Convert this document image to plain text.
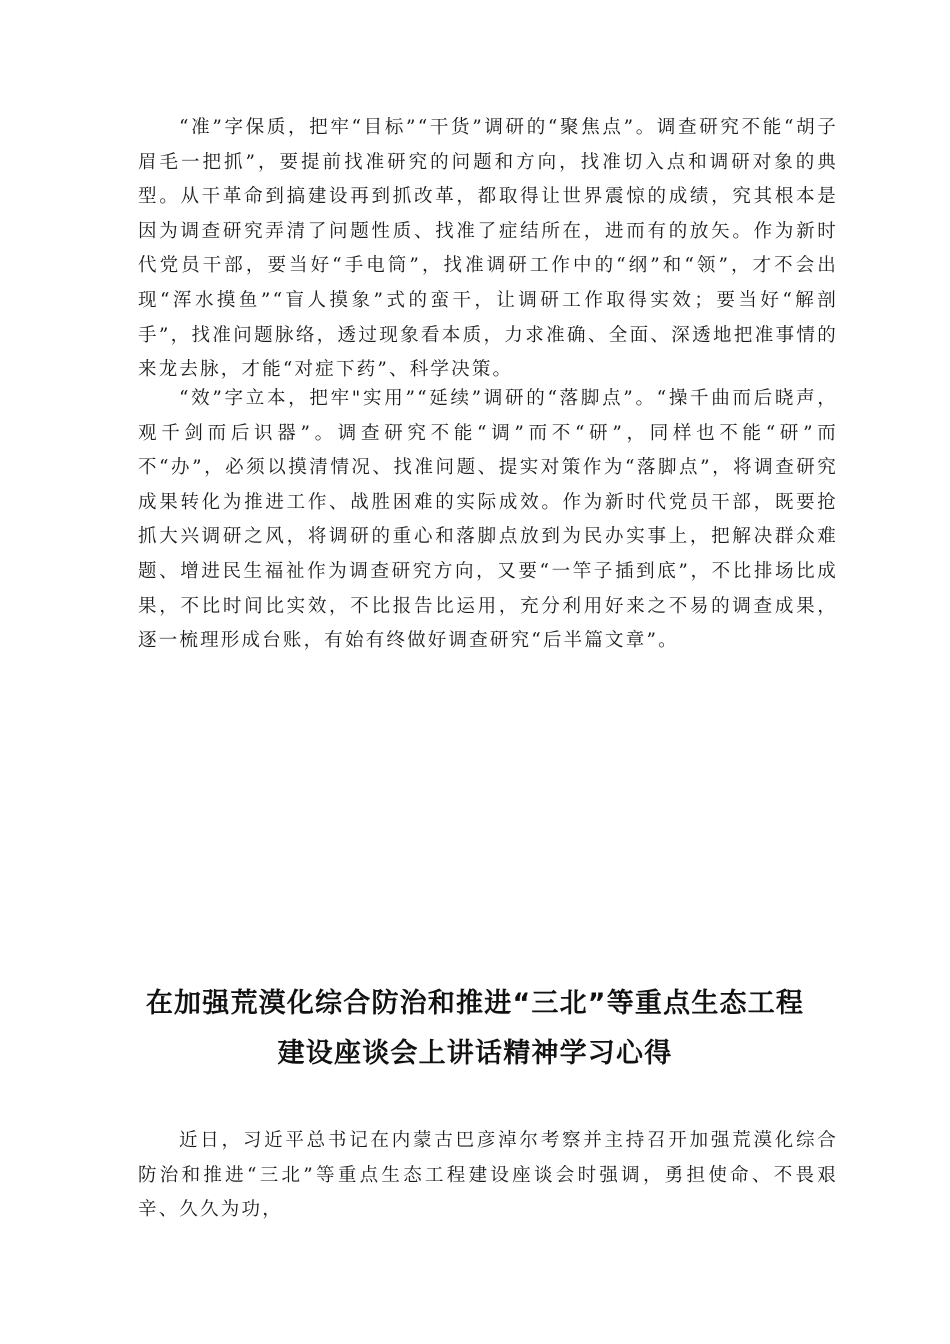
“准”字保质，把牢“目标”“干货”调研的“聚焦点”。调查研究不能“胡子眉毛一把抓”，要提前找准研究的问题和方向，找准切入点和调研对象的典型。从干革命到搞建设再到抓改革，都取得让世界震惊的成绩，究其根本是因为调查研究弄清了问题性质、找准了症结所在，进而有的放矢。作为新时代党员干部，要当好“手电筒”，找准调研工作中的“纲”和“领”，才不会出现“浑水摸鱼”“盲人摸象”式的蛮干，让调研工作取得实效；要当好“解剖手”，找准问题脉络，透过现象看本质，力求准确、全面、深透地把准事情的来龙去脉，才能“对症下药”、科学决策。

“效”字立本，把牢"实用”“延续”调研的“落脚点”。“操千曲而后晓声，观千剑而后识器”。调查研究不能“调”而不“研”，同样也不能“研”而不“办”，必须以摸清情况、找准问题、提实对策作为“落脚点”，将调查研究成果转化为推进工作、战胜困难的实际成效。作为新时代党员干部，既要抢抓大兴调研之风，将调研的重心和落脚点放到为民办实事上，把解决群众难题、增进民生福祉作为调查研究方向，又要“一竿子插到底”，不比排场比成果，不比时间比实效，不比报告比运用，充分利用好来之不易的调查成果，逐一梳理形成台账，有始有终做好调查研究“后半篇文章”。

在加强荒漠化综合防治和推进“三北”等重点生态工程
建设座谈会上讲话精神学习心得

近日，习近平总书记在内蒙古巴彦淖尔考察并主持召开加强荒漠化综合防治和推进“三北”等重点生态工程建设座谈会时强调，勇担使命、不畏艰辛、久久为功，
